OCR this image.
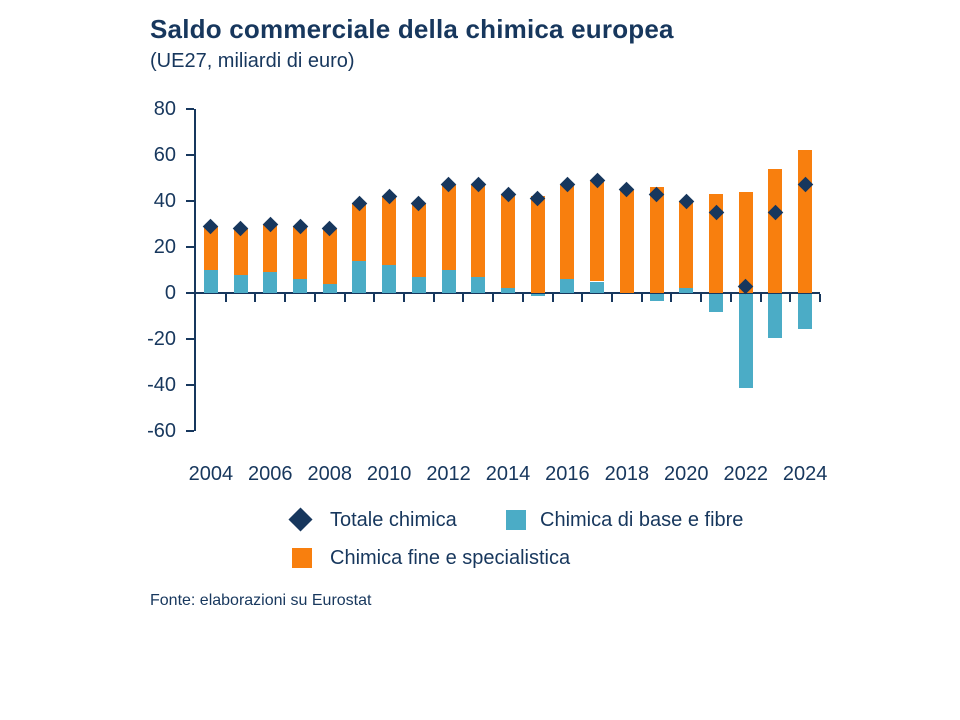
Saldo commerciale della chimica europea
(UE27, miliardi di euro)
80
60
40
20
0
-20
-40
-60
2004 2006 2008 2010 2012 2014 2016 2018 2020 2022 2024
Totale chimica	Chimica di base e fibre
Chimica fine e specialistica
Fonte: elaborazioni su Eurostat
